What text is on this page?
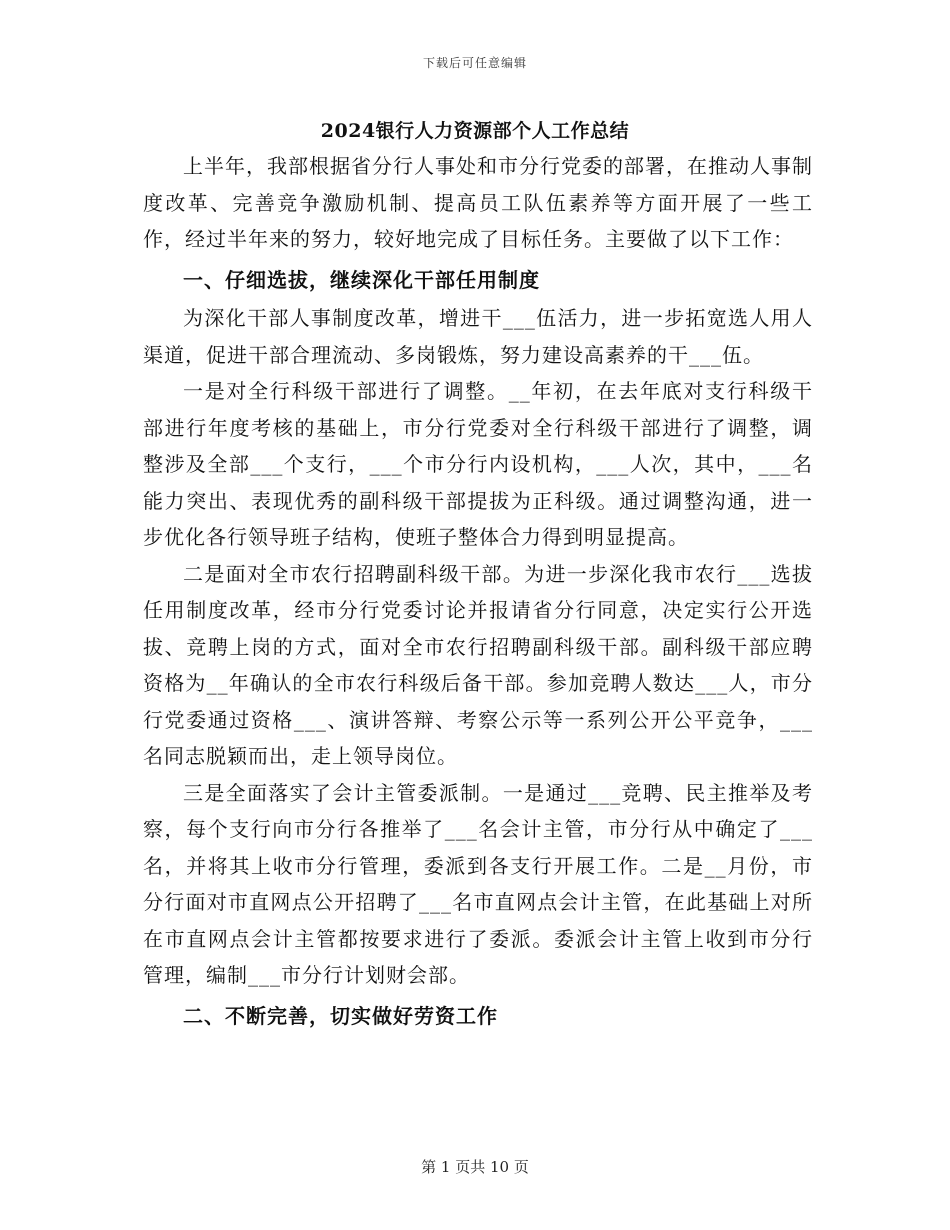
下载后可任意编辑
2024银行人力资源部个人工作总结

上半年，我部根据省分行人事处和市分行党委的部署，在推动人事制度改革、完善竞争激励机制、提高员工队伍素养等方面开展了一些工作，经过半年来的努力，较好地完成了目标任务。主要做了以下工作：

一、仔细选拔，继续深化干部任用制度

为深化干部人事制度改革，增进干___伍活力，进一步拓宽选人用人渠道，促进干部合理流动、多岗锻炼，努力建设高素养的干___伍。

一是对全行科级干部进行了调整。__年初，在去年底对支行科级干部进行年度考核的基础上，市分行党委对全行科级干部进行了调整，调整涉及全部___个支行，___个市分行内设机构，___人次，其中，___名能力突出、表现优秀的副科级干部提拔为正科级。通过调整沟通，进一步优化各行领导班子结构，使班子整体合力得到明显提高。

二是面对全市农行招聘副科级干部。为进一步深化我市农行___选拔任用制度改革，经市分行党委讨论并报请省分行同意，决定实行公开选拔、竞聘上岗的方式，面对全市农行招聘副科级干部。副科级干部应聘资格为__年确认的全市农行科级后备干部。参加竞聘人数达___人，市分行党委通过资格___、演讲答辩、考察公示等一系列公开公平竞争，___名同志脱颖而出，走上领导岗位。

三是全面落实了会计主管委派制。一是通过___竞聘、民主推举及考察，每个支行向市分行各推举了___名会计主管，市分行从中确定了___名，并将其上收市分行管理，委派到各支行开展工作。二是__月份，市分行面对市直网点公开招聘了___名市直网点会计主管，在此基础上对所在市直网点会计主管都按要求进行了委派。委派会计主管上收到市分行管理，编制___市分行计划财会部。

二、不断完善，切实做好劳资工作

第 1 页共 10 页
